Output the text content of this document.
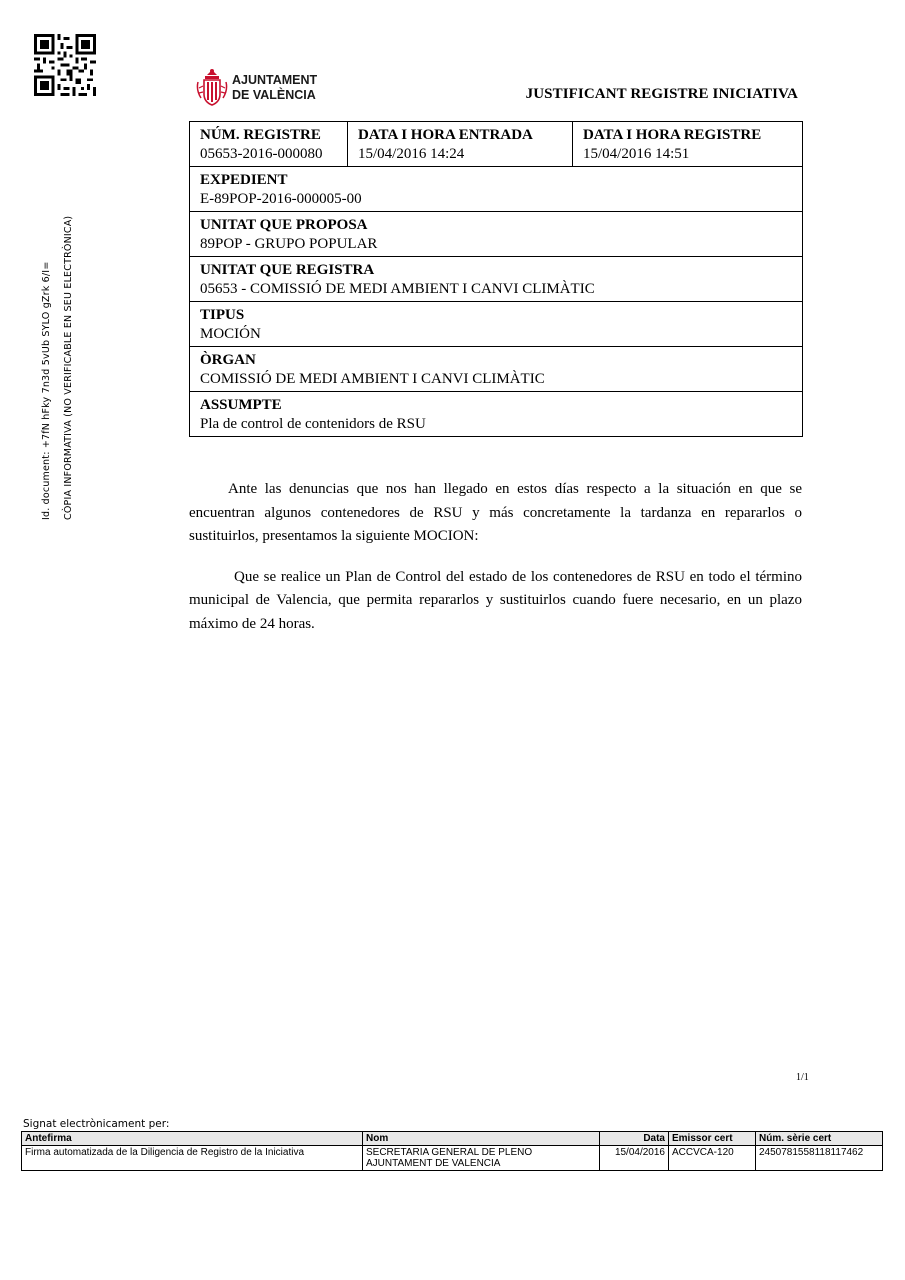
Id. document: +7fN hFky 7n3d 5vUb SYLO gZrk 6/I=	CÒPIA INFORMATIVA (NO VERIFICABLE EN SEU ELECTRÒNICA)
AJUNTAMENT
DE VALÈNCIA	JUSTIFICANT REGISTRE INICIATIVA
NÚM. REGISTRE
05653-2016-000080

DATA I HORA ENTRADA
15/04/2016 14:24

DATA I HORA REGISTRE
15/04/2016 14:51

EXPEDIENT
E-89POP-2016-000005-00

UNITAT QUE PROPOSA
89POP - GRUPO POPULAR

UNITAT QUE REGISTRA
05653 - COMISSIÓ DE MEDI AMBIENT I CANVI CLIMÀTIC

TIPUS
MOCIÓN

ÒRGAN
COMISSIÓ DE MEDI AMBIENT I CANVI CLIMÀTIC

ASSUMPTE
Pla de control de contenidors de RSU

Ante las denuncias que nos han llegado en estos días respecto a la situación en que se encuentran algunos contenedores de RSU y más concretamente la tardanza en repararlos o sustituirlos, presentamos la siguiente MOCION:

Que se realice un Plan de Control del estado de los contenedores de RSU en todo el término municipal de Valencia, que permita repararlos y sustituirlos cuando fuere necesario, en un plazo máximo de 24 horas.

1/1
Signat electrònicament per:
Antefirma	Nom	Data	Emissor cert	Núm. sèrie cert
Firma automatizada de la Diligencia de Registro de la Iniciativa	SECRETARIA GENERAL DE PLENO
AJUNTAMENT DE VALENCIA	15/04/2016	ACCVCA-120	2450781558118117462
